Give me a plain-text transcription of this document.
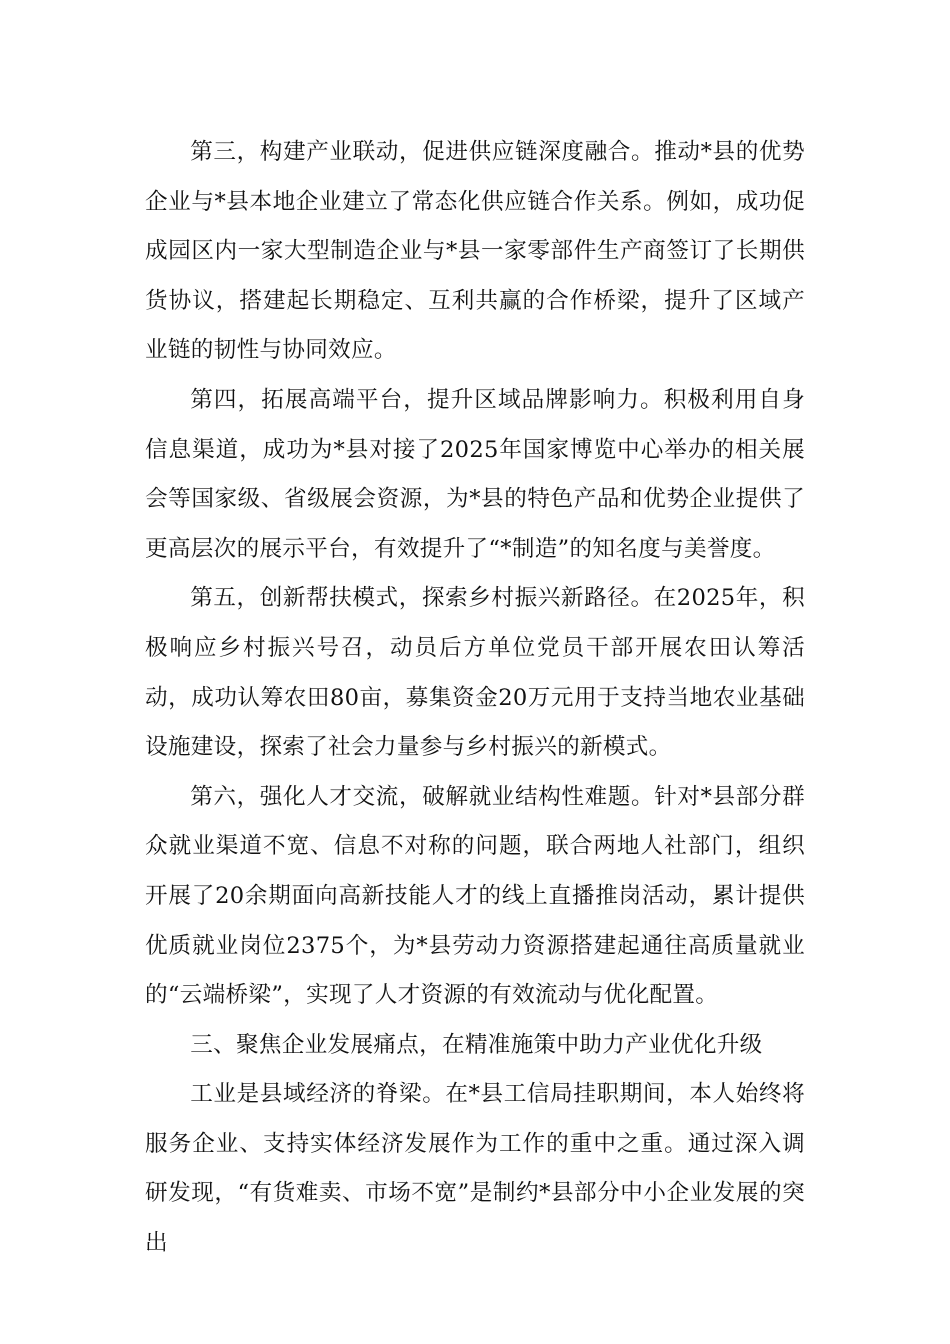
第三，构建产业联动，促进供应链深度融合。推动*县的优势企业与*县本地企业建立了常态化供应链合作关系。例如，成功促成园区内一家大型制造企业与*县一家零部件生产商签订了长期供货协议，搭建起长期稳定、互利共赢的合作桥梁，提升了区域产业链的韧性与协同效应。

第四，拓展高端平台，提升区域品牌影响力。积极利用自身信息渠道，成功为*县对接了2025年国家博览中心举办的相关展会等国家级、省级展会资源，为*县的特色产品和优势企业提供了更高层次的展示平台，有效提升了“*制造”的知名度与美誉度。

第五，创新帮扶模式，探索乡村振兴新路径。在2025年，积极响应乡村振兴号召，动员后方单位党员干部开展农田认筹活动，成功认筹农田80亩，募集资金20万元用于支持当地农业基础设施建设，探索了社会力量参与乡村振兴的新模式。

第六，强化人才交流，破解就业结构性难题。针对*县部分群众就业渠道不宽、信息不对称的问题，联合两地人社部门，组织开展了20余期面向高新技能人才的线上直播推岗活动，累计提供优质就业岗位2375个，为*县劳动力资源搭建起通往高质量就业的“云端桥梁”，实现了人才资源的有效流动与优化配置。

三、聚焦企业发展痛点，在精准施策中助力产业优化升级

工业是县域经济的脊梁。在*县工信局挂职期间，本人始终将服务企业、支持实体经济发展作为工作的重中之重。通过深入调研发现，“有货难卖、市场不宽”是制约*县部分中小企业发展的突出
